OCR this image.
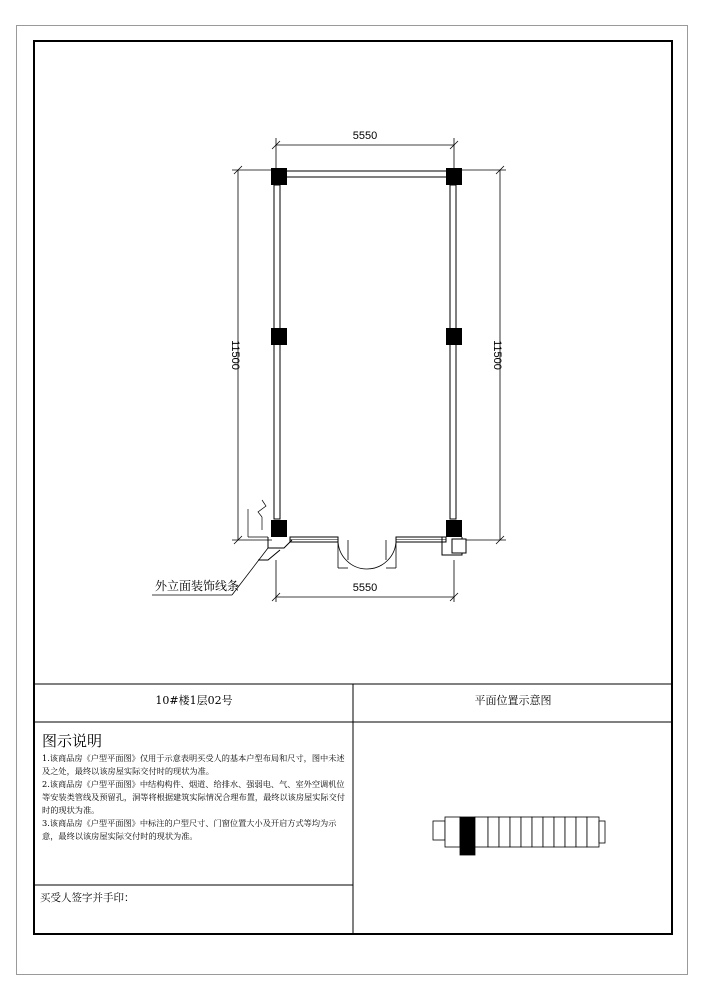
5550
5550
11500	11500
外立面装饰线条
10#楼1层02号	平面位置示意图
图示说明
1.该商品房《户型平面图》仅用于示意表明买受人的基本户型布局和尺寸，图中未述及之处，最终以该房屋实际交付时的现状为准。
2.该商品房《户型平面图》中结构构件、烟道、给排水、强弱电、气、室外空调机位等安装类管线及预留孔，洞等将根据建筑实际情况合理布置，最终以该房屋实际交付时的现状为准。
3.该商品房《户型平面图》中标注的户型尺寸、门窗位置大小及开启方式等均为示意，最终以该房屋实际交付时的现状为准。
买受人签字并手印：
